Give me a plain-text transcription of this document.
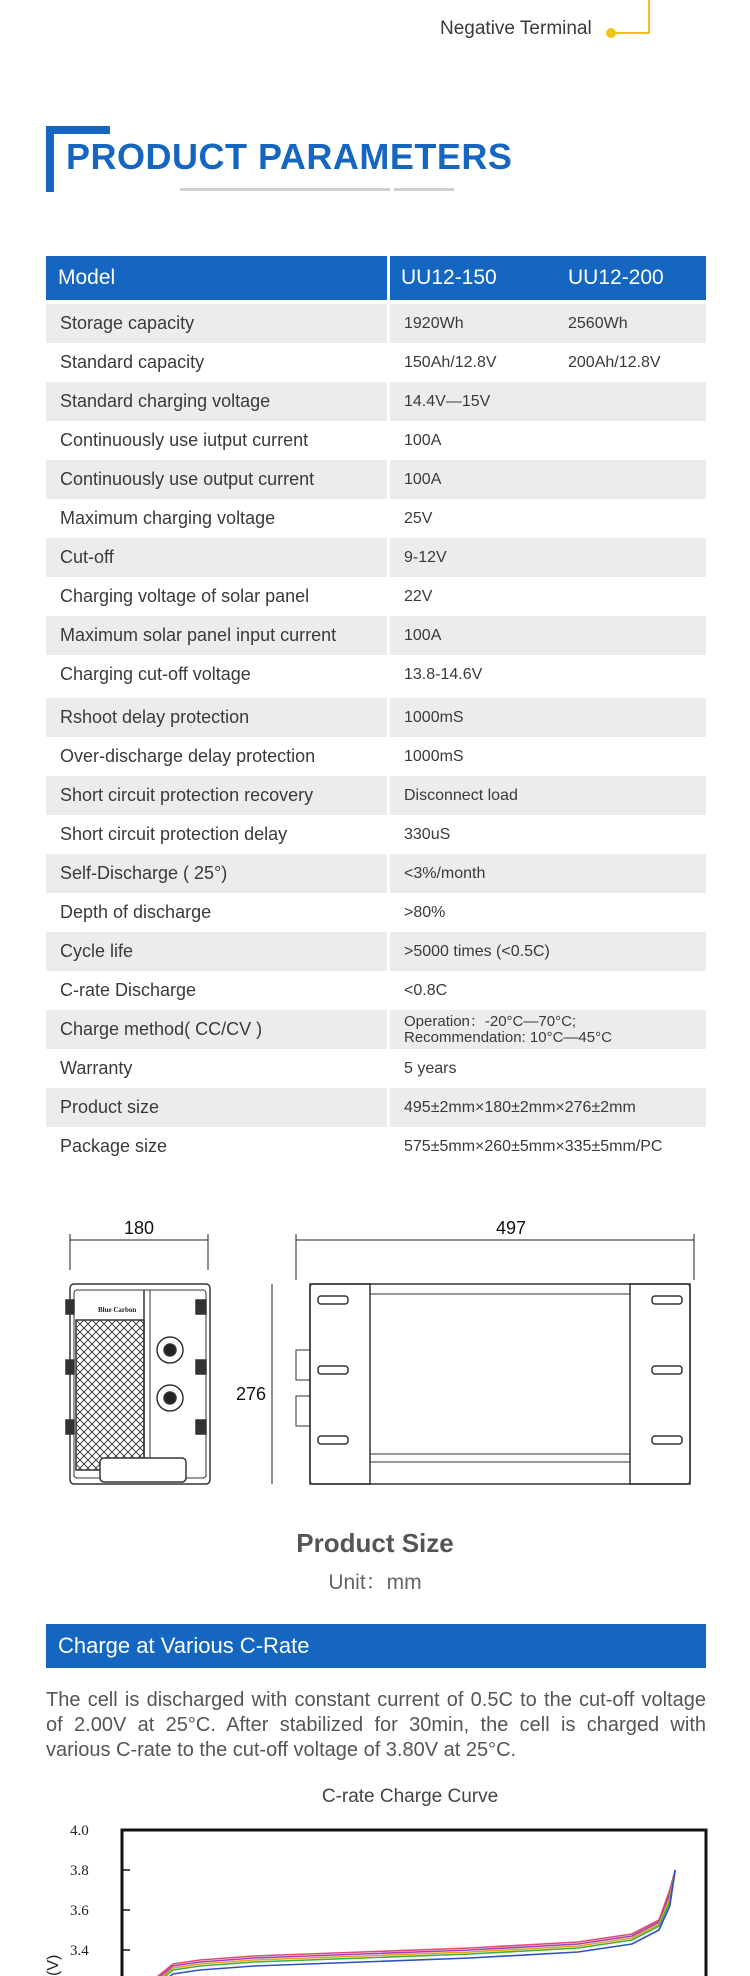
Negative Terminal
PRODUCT PARAMETERS
Model	UU12-150	UU12-200
Storage capacity	1920Wh	2560Wh
Standard capacity	150Ah/12.8V	200Ah/12.8V
Standard charging voltage	14.4V—15V
Continuously use iutput current	100A
Continuously use output current	100A
Maximum charging voltage	25V
Cut-off	9-12V
Charging voltage of solar panel	22V
Maximum solar panel input current	100A
Charging cut-off voltage	13.8-14.6V
Rshoot delay protection	1000mS
Over-discharge delay protection	1000mS
Short circuit protection recovery	Disconnect load
Short circuit protection delay	330uS
Self-Discharge ( 25°)	<3%/month
Depth of discharge	>80%
Cycle life	>5000 times (<0.5C)
C-rate Discharge	<0.8C
Charge method( CC/CV )	Operation：-20°C—70°C;
Recommendation: 10°C—45°C
Warranty	5 years
Product size	495±2mm×180±2mm×276±2mm
Package size	575±5mm×260±5mm×335±5mm/PC
180
Blue Carbon
276
497
Product Size
Unit：mm
Charge at Various C-Rate
The cell is discharged with constant current of 0.5C to the cut-off voltage of 2.00V at 25°C. After stabilized for 30min, the cell is charged with various C-rate to the cut-off voltage of 3.80V at 25°C.
C-rate Charge Curve
4.0
3.8
3.6
3.4
(V)
